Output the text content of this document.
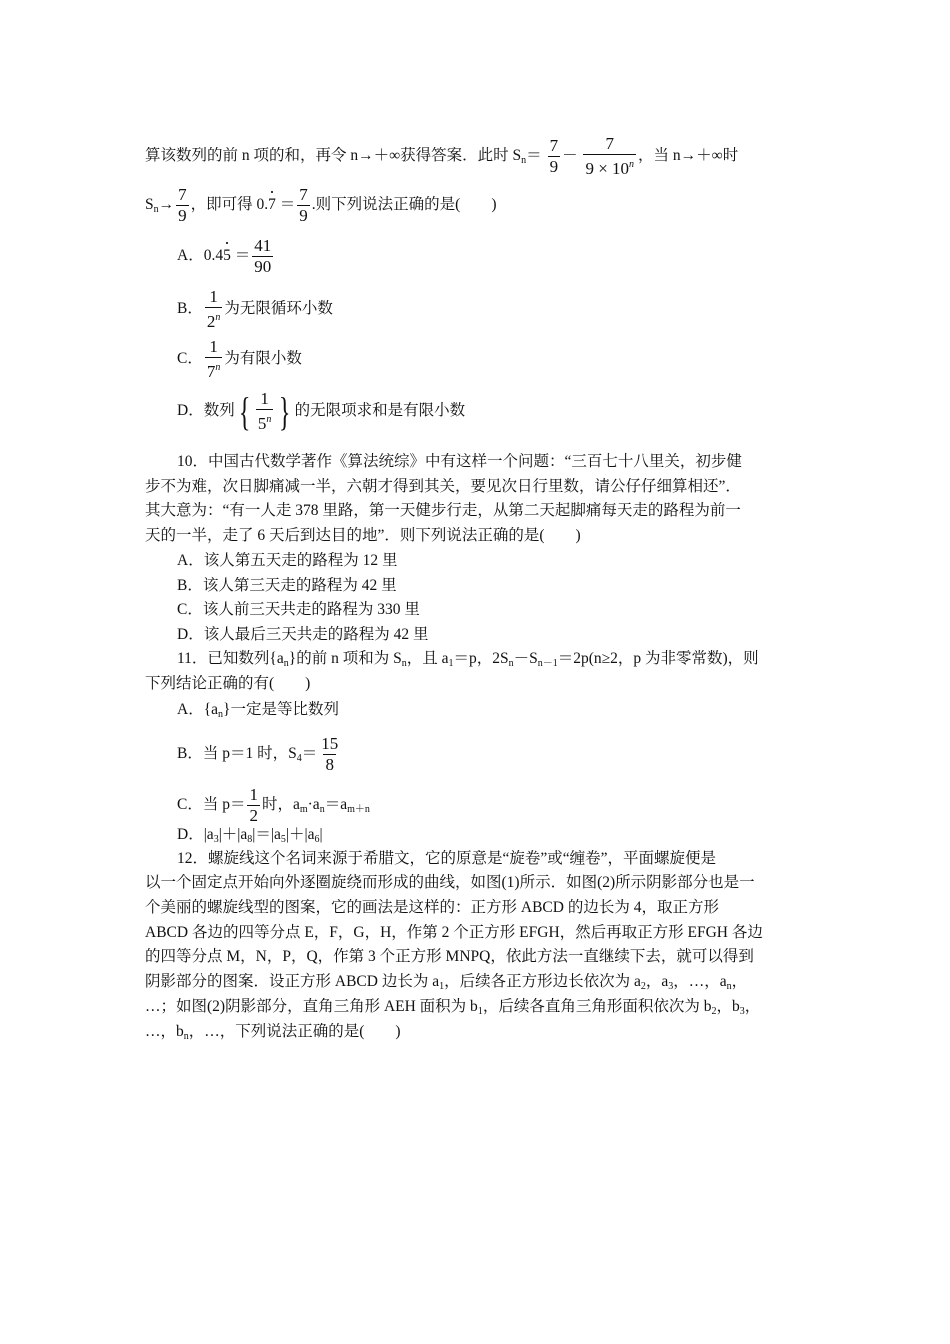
算该数列的前 n 项的和，再令 n→＋∞获得答案．此时 $S_n= \frac{7}{9} - \frac{7}{9 \times 10^n}$ ，当 n→＋∞时
$S_n\to \frac{7}{9}$ ，即可得 0.7 · ＝ $\frac{7}{9}$ .则下列说法正确的是(　　)
A．0.45 · ＝ $\frac{41}{90}$
B． $\frac{1}{2^n}$ 为无限循环小数
C． $\frac{1}{7^n}$ 为有限小数
D．数列 { $\frac{1}{5^n}$ } 的无限项求和是有限小数
10．中国古代数学著作《算法统综》中有这样一个问题：“三百七十八里关，初步健
步不为难，次日脚痛减一半，六朝才得到其关，要见次日行里数，请公仔仔细算相还”．
其大意为：“有一人走 378 里路，第一天健步行走，从第二天起脚痛每天走的路程为前一
天的一半，走了 6 天后到达目的地”．则下列说法正确的是(　　)
A．该人第五天走的路程为 12 里
B．该人第三天走的路程为 42 里
C．该人前三天共走的路程为 330 里
D．该人最后三天共走的路程为 42 里
11．已知数列$\{a_n\}$的前 n 项和为 $S_n$，且 $a_1=p$，$2S_n-S_{n-1}=2p(n\ge 2$，p 为非零常数)，则
下列结论正确的有(　　)
A．$\{a_n\}$一定是等比数列
B．当 p＝1 时，$S_4= \frac{15}{8}$
C．当 $p= \frac{1}{2}$ 时，$a_m\cdot a_n=a_{m+n}$
D．$|a_3|+|a_8|=|a_5|+|a_6|$
12．螺旋线这个名词来源于希腊文，它的原意是“旋卷”或“缠卷”，平面螺旋便是
以一个固定点开始向外逐圈旋绕而形成的曲线，如图(1)所示．如图(2)所示阴影部分也是一
个美丽的螺旋线型的图案，它的画法是这样的：正方形 ABCD 的边长为 4，取正方形
ABCD 各边的四等分点 E，F，G，H，作第 2 个正方形 EFGH，然后再取正方形 EFGH 各边
的四等分点 M，N，P，Q，作第 3 个正方形 MNPQ，依此方法一直继续下去，就可以得到
阴影部分的图案．设正方形 ABCD 边长为 $a_1$，后续各正方形边长依次为 $a_2$，$a_3$，…，$a_n$，
…；如图(2)阴影部分，直角三角形 AEH 面积为 $b_1$，后续各直角三角形面积依次为 $b_2$，$b_3$，
…，$b_n$，…，下列说法正确的是(　　)
